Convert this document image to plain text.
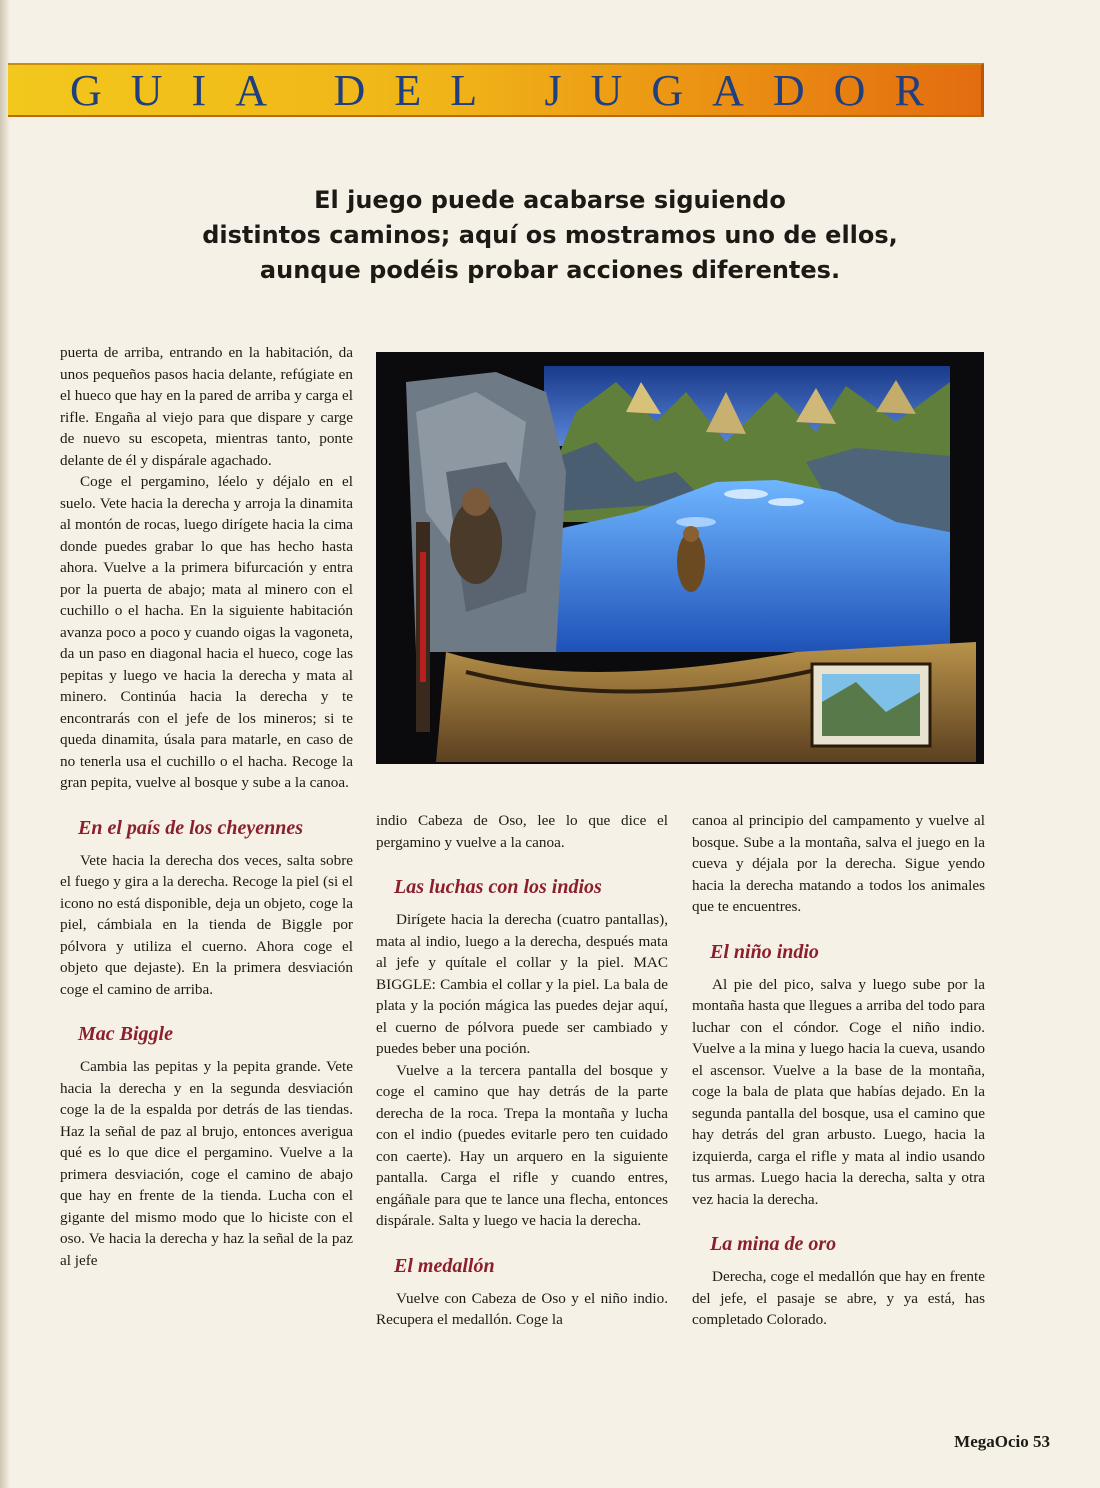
GUIA DEL JUGADOR
El juego puede acabarse siguiendo
distintos caminos; aquí os mostramos uno de ellos,
aunque podéis probar acciones diferentes.

puerta de arriba, entrando en la habitación, da unos pequeños pasos hacia delante, refúgiate en el hueco que hay en la pared de arriba y carga el rifle. Engaña al viejo para que dispare y carge de nuevo su escopeta, mientras tanto, ponte delante de él y dispárale agachado.

Coge el pergamino, léelo y déjalo en el suelo. Vete hacia la derecha y arroja la dinamita al montón de rocas, luego dirígete hacia la cima donde puedes grabar lo que has hecho hasta ahora. Vuelve a la primera bifurcación y entra por la puerta de abajo; mata al minero con el cuchillo o el hacha. En la siguiente habitación avanza poco a poco y cuando oigas la vagoneta, da un paso en diagonal hacia el hueco, coge las pepitas y luego ve hacia la derecha y mata al minero. Continúa hacia la derecha y te encontrarás con el jefe de los mineros; si te queda dinamita, úsala para matarle, en caso de no tenerla usa el cuchillo o el hacha. Recoge la gran pepita, vuelve al bosque y sube a la canoa.

En el país de los cheyennes

Vete hacia la derecha dos veces, salta sobre el fuego y gira a la derecha. Recoge la piel (si el icono no está disponible, deja un objeto, coge la piel, cámbiala en la tienda de Biggle por pólvora y utiliza el cuerno. Ahora coge el objeto que dejaste). En la primera desviación coge el camino de arriba.

Mac Biggle

Cambia las pepitas y la pepita grande. Vete hacia la derecha y en la segunda desviación coge la de la espalda por detrás de las tiendas. Haz la señal de paz al brujo, entonces averigua qué es lo que dice el pergamino. Vuelve a la primera desviación, coge el camino de abajo que hay en frente de la tienda. Lucha con el gigante del mismo modo que lo hiciste con el oso. Ve hacia la derecha y haz la señal de la paz al jefe

indio Cabeza de Oso, lee lo que dice el pergamino y vuelve a la canoa.

Las luchas con los indios

Dirígete hacia la derecha (cuatro pantallas), mata al indio, luego a la derecha, después mata al jefe y quítale el collar y la piel. MAC BIGGLE: Cambia el collar y la piel. La bala de plata y la poción mágica las puedes dejar aquí, el cuerno de pólvora puede ser cambiado y puedes beber una poción.

Vuelve a la tercera pantalla del bosque y coge el camino que hay detrás de la parte derecha de la roca. Trepa la montaña y lucha con el indio (puedes evitarle pero ten cuidado con caerte). Hay un arquero en la siguiente pantalla. Carga el rifle y cuando entres, engáñale para que te lance una flecha, entonces dispárale. Salta y luego ve hacia la derecha.

El medallón

Vuelve con Cabeza de Oso y el niño indio. Recupera el medallón. Coge la

canoa al principio del campamento y vuelve al bosque. Sube a la montaña, salva el juego en la cueva y déjala por la derecha. Sigue yendo hacia la derecha matando a todos los animales que te encuentres.

El niño indio

Al pie del pico, salva y luego sube por la montaña hasta que llegues a arriba del todo para luchar con el cóndor. Coge el niño indio. Vuelve a la mina y luego hacia la cueva, usando el ascensor. Vuelve a la base de la montaña, coge la bala de plata que habías dejado. En la segunda pantalla del bosque, usa el camino que hay detrás del gran arbusto. Luego, hacia la izquierda, carga el rifle y mata al indio usando tus armas. Luego hacia la derecha, salta y otra vez hacia la derecha.

La mina de oro

Derecha, coge el medallón que hay en frente del jefe, el pasaje se abre, y ya está, has completado Colorado.

MegaOcio 53
